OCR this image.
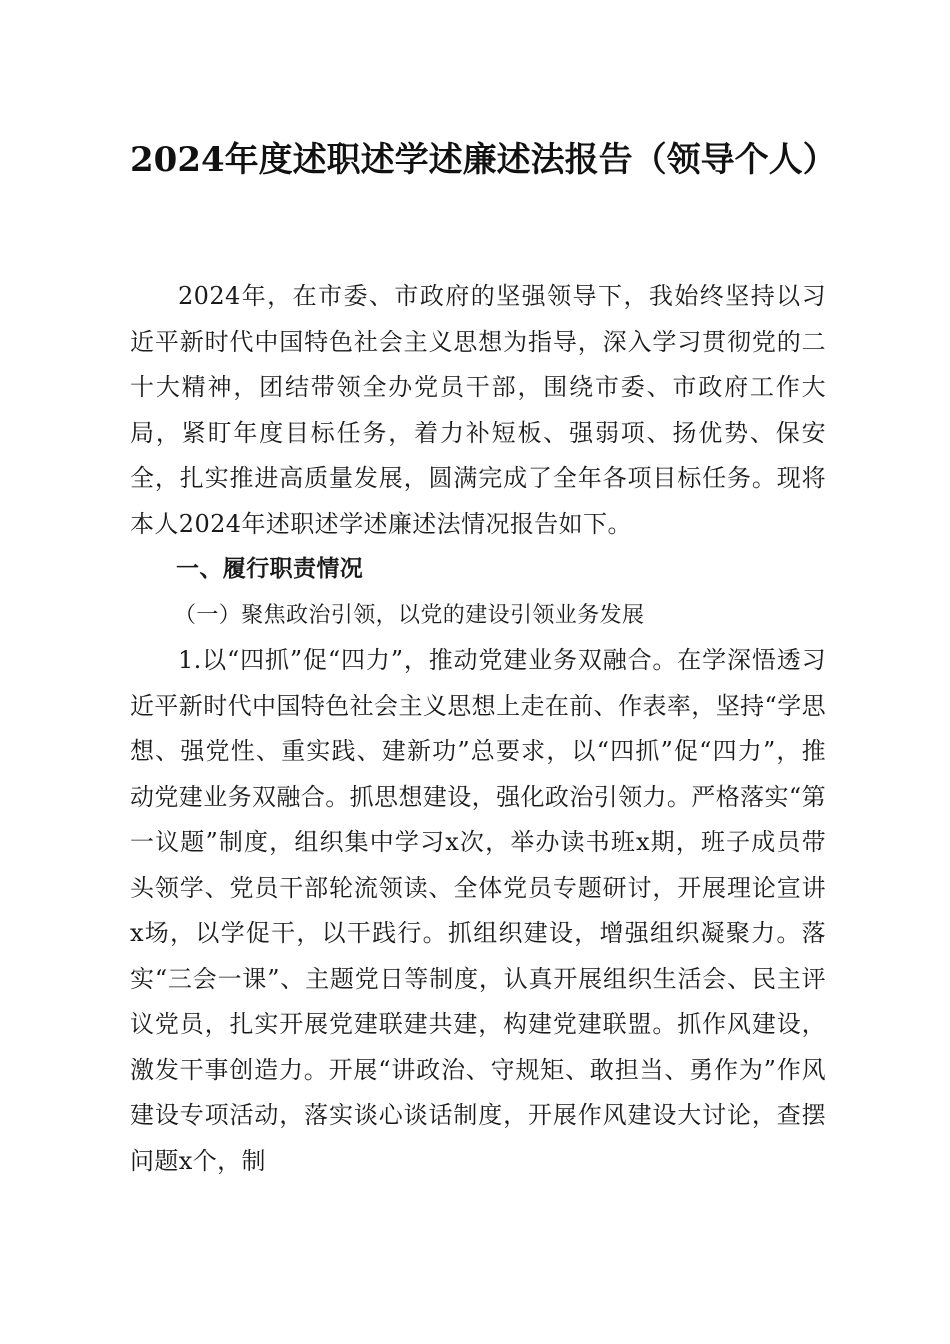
2024年度述职述学述廉述法报告（领导个人）

2024年，在市委、市政府的坚强领导下，我始终坚持以习近平新时代中国特色社会主义思想为指导，深入学习贯彻党的二十大精神，团结带领全办党员干部，围绕市委、市政府工作大局，紧盯年度目标任务，着力补短板、强弱项、扬优势、保安全，扎实推进高质量发展，圆满完成了全年各项目标任务。现将本人2024年述职述学述廉述法情况报告如下。

一、履行职责情况

（一）聚焦政治引领，以党的建设引领业务发展

1.以“四抓”促“四力”，推动党建业务双融合。在学深悟透习近平新时代中国特色社会主义思想上走在前、作表率，坚持“学思想、强党性、重实践、建新功”总要求，以“四抓”促“四力”，推动党建业务双融合。抓思想建设，强化政治引领力。严格落实“第一议题”制度，组织集中学习x次，举办读书班x期，班子成员带头领学、党员干部轮流领读、全体党员专题研讨，开展理论宣讲x场，以学促干，以干践行。抓组织建设，增强组织凝聚力。落实“三会一课”、主题党日等制度，认真开展组织生活会、民主评议党员，扎实开展党建联建共建，构建党建联盟。抓作风建设，激发干事创造力。开展“讲政治、守规矩、敢担当、勇作为”作风建设专项活动，落实谈心谈话制度，开展作风建设大讨论，查摆问题x个，制
